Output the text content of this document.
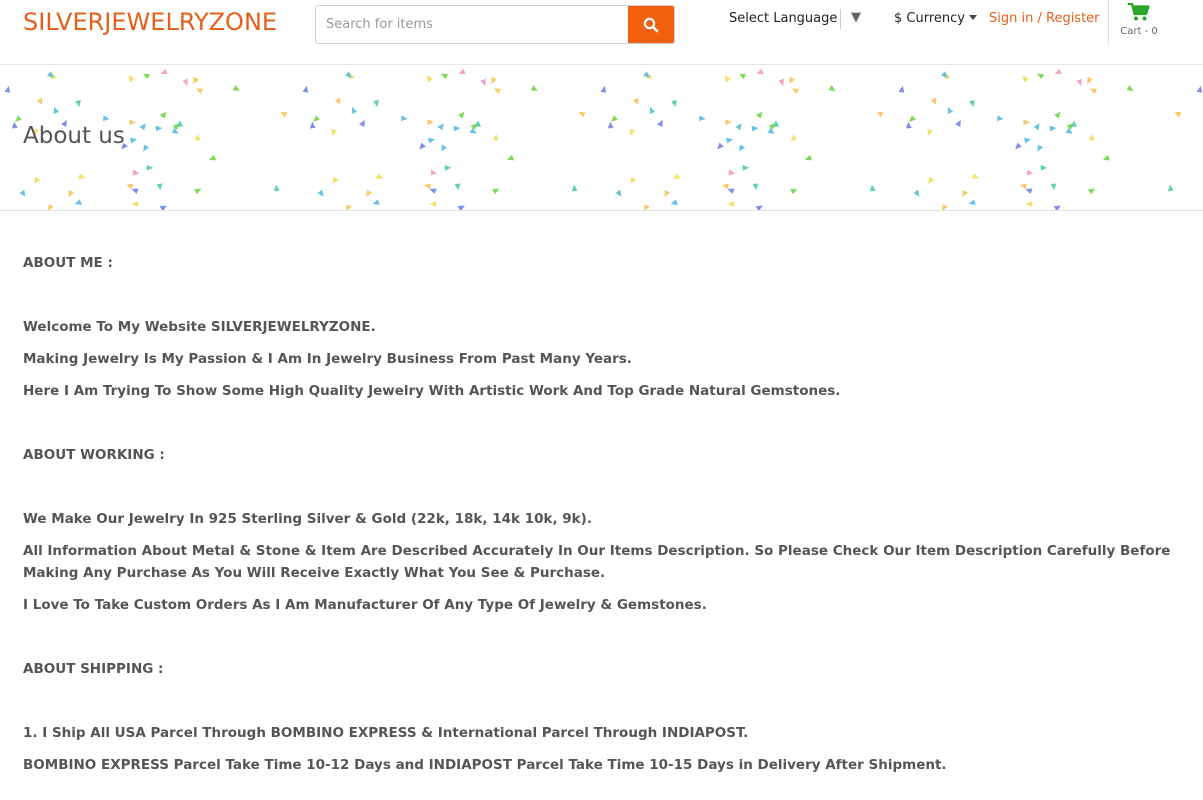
SILVERJEWELRYZONE
Search for items	Select Language ▼	$ Currency	Sign in / Register
Cart - 0
About us

ABOUT ME :

Welcome To My Website SILVERJEWELRYZONE.

Making Jewelry Is My Passion & I Am In Jewelry Business From Past Many Years.

Here I Am Trying To Show Some High Quality Jewelry With Artistic Work And Top Grade Natural Gemstones.

ABOUT WORKING :

We Make Our Jewelry In 925 Sterling Silver & Gold (22k, 18k, 14k 10k, 9k).

All Information About Metal & Stone & Item Are Described Accurately In Our Items Description. So Please Check Our Item Description Carefully Before Making Any Purchase As You Will Receive Exactly What You See & Purchase.

I Love To Take Custom Orders As I Am Manufacturer Of Any Type Of Jewelry & Gemstones.

ABOUT SHIPPING :

1. I Ship All USA Parcel Through BOMBINO EXPRESS & International Parcel Through INDIAPOST.

BOMBINO EXPRESS Parcel Take Time 10-12 Days and INDIAPOST Parcel Take Time 10-15 Days in Delivery After Shipment.
